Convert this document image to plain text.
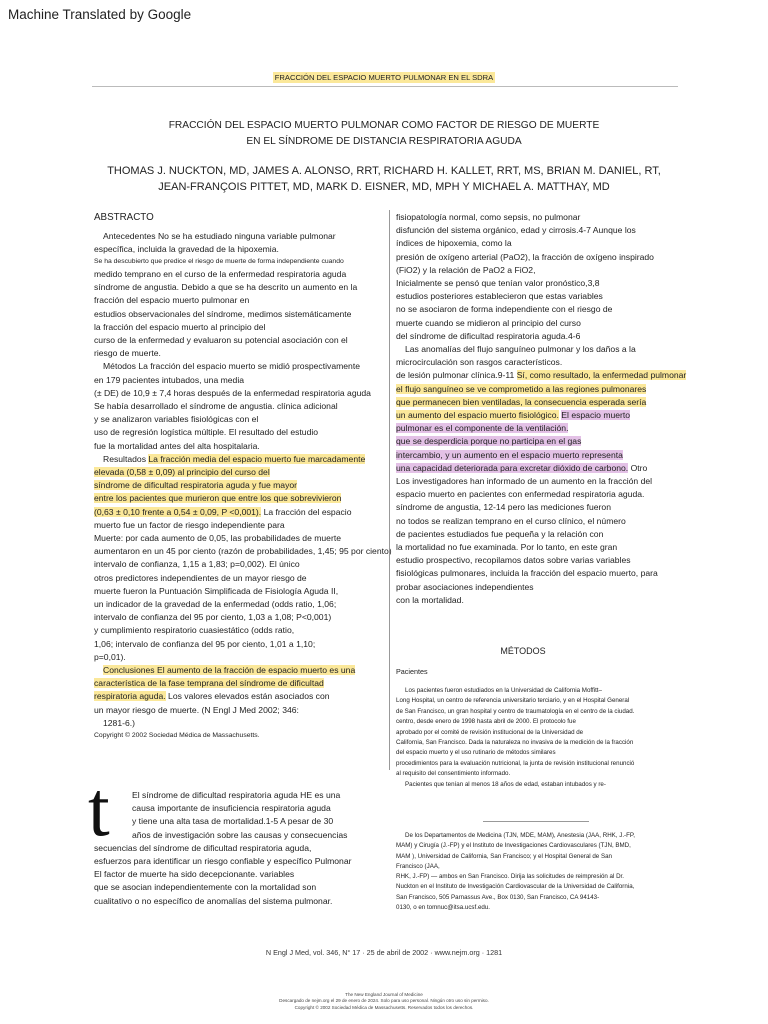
Machine Translated by Google
FRACCIÓN DEL ESPACIO MUERTO PULMONAR EN EL SDRA
FRACCIÓN DEL ESPACIO MUERTO PULMONAR COMO FACTOR DE RIESGO DE MUERTE
EN EL SÍNDROME DE DISTANCIA RESPIRATORIA AGUDA
THOMAS J. NUCKTON, MD, JAMES A. ALONSO, RRT, RICHARD H. KALLET, RRT, MS, BRIAN M. DANIEL, RT,
JEAN-FRANÇOIS PITTET, MD, MARK D. EISNER, MD, MPH Y MICHAEL A. MATTHAY, MD
ABSTRACTO
Antecedentes No se ha estudiado ninguna variable pulmonar
específica, incluida la gravedad de la hipoxemia.
Se ha descubierto que predice el riesgo de muerte de forma independiente cuando
medido temprano en el curso de la enfermedad respiratoria aguda
síndrome de angustia. Debido a que se ha descrito un aumento en la
fracción del espacio muerto pulmonar en
estudios observacionales del síndrome, medimos sistemáticamente
la fracción del espacio muerto al principio del
curso de la enfermedad y evaluaron su potencial asociación con el
riesgo de muerte.
Métodos La fracción del espacio muerto se midió prospectivamente
en 179 pacientes intubados, una media
(± DE) de 10,9 ± 7,4 horas después de la enfermedad respiratoria aguda
Se había desarrollado el síndrome de angustia. clínica adicional
y se analizaron variables fisiológicas con el
uso de regresión logística múltiple. El resultado del estudio
fue la mortalidad antes del alta hospitalaria.
Resultados La fracción media del espacio muerto fue marcadamente
elevada (0,58 ± 0,09) al principio del curso del
síndrome de dificultad respiratoria aguda y fue mayor
entre los pacientes que murieron que entre los que sobrevivieron
(0,63 ± 0,10 frente a 0,54 ± 0,09, P <0,001). La fracción del espacio
muerto fue un factor de riesgo independiente para
Muerte: por cada aumento de 0,05, las probabilidades de muerte
aumentaron en un 45 por ciento (razón de probabilidades, 1,45; 95 por ciento)
intervalo de confianza, 1,15 a 1,83; p=0,002). El único
otros predictores independientes de un mayor riesgo de
muerte fueron la Puntuación Simplificada de Fisiología Aguda II,
un indicador de la gravedad de la enfermedad (odds ratio, 1,06;
intervalo de confianza del 95 por ciento, 1,03 a 1,08; P<0,001)
y cumplimiento respiratorio cuasiestático (odds ratio,
1,06; intervalo de confianza del 95 por ciento, 1,01 a 1,10;
p=0,01).
Conclusiones El aumento de la fracción de espacio muerto es una
característica de la fase temprana del síndrome de dificultad
respiratoria aguda. Los valores elevados están asociados con
un mayor riesgo de muerte. (N Engl J Med 2002; 346:
1281-6.)
Copyright © 2002 Sociedad Médica de Massachusetts.
t	El síndrome de dificultad respiratoria aguda HE es una
causa importante de insuficiencia respiratoria aguda
y tiene una alta tasa de mortalidad.1-5 A pesar de 30
años de investigación sobre las causas y consecuencias
secuencias del síndrome de dificultad respiratoria aguda,
esfuerzos para identificar un riesgo confiable y específico Pulmonar
El factor de muerte ha sido decepcionante. variables
que se asocian independientemente con la mortalidad son
cualitativo o no específico de anomalías del sistema pulmonar.
fisiopatología normal, como sepsis, no pulmonar
disfunción del sistema orgánico, edad y cirrosis.4-7 Aunque los
índices de hipoxemia, como la
presión de oxígeno arterial (PaO2), la fracción de oxígeno inspirado
(FiO2) y la relación de PaO2 a FiO2,
Inicialmente se pensó que tenían valor pronóstico,3,8
estudios posteriores establecieron que estas variables
no se asociaron de forma independiente con el riesgo de
muerte cuando se midieron al principio del curso
del síndrome de dificultad respiratoria aguda.4-6
Las anomalías del flujo sanguíneo pulmonar y los daños a la
microcirculación son rasgos característicos.
de lesión pulmonar clínica.9-11 Sí, como resultado, la enfermedad pulmonar
el flujo sanguíneo se ve comprometido a las regiones pulmonares
que permanecen bien ventiladas, la consecuencia esperada sería
un aumento del espacio muerto fisiológico. El espacio muerto
pulmonar es el componente de la ventilación.
que se desperdicia porque no participa en el gas
intercambio, y un aumento en el espacio muerto representa
una capacidad deteriorada para excretar dióxido de carbono. Otro
Los investigadores han informado de un aumento en la fracción del
espacio muerto en pacientes con enfermedad respiratoria aguda.
síndrome de angustia, 12-14 pero las mediciones fueron
no todos se realizan temprano en el curso clínico, el número
de pacientes estudiados fue pequeña y la relación con
la mortalidad no fue examinada. Por lo tanto, en este gran
estudio prospectivo, recopilamos datos sobre varias variables
fisiológicas pulmonares, incluida la fracción del espacio muerto, para
probar asociaciones independientes
con la mortalidad.
MÉTODOS
Pacientes
Los pacientes fueron estudiados en la Universidad de California Moffitt–
Long Hospital, un centro de referencia universitario terciario, y en el Hospital General
de San Francisco, un gran hospital y centro de traumatología en el centro de la ciudad.
centro, desde enero de 1998 hasta abril de 2000. El protocolo fue
aprobado por el comité de revisión institucional de la Universidad de
California, San Francisco. Dada la naturaleza no invasiva de la medición de la fracción
del espacio muerto y el uso rutinario de métodos similares
procedimientos para la evaluación nutricional, la junta de revisión institucional renunció
al requisito del consentimiento informado.
Pacientes que tenían al menos 18 años de edad, estaban intubados y re-
De los Departamentos de Medicina (TJN, MDE, MAM), Anestesia (JAA, RHK, J.-FP,
MAM) y Cirugía (J.-FP) y el Instituto de Investigaciones Cardiovasculares (TJN, BMD,
MAM ), Universidad de California, San Francisco; y el Hospital General de San
Francisco (JAA,
RHK, J.-FP) — ambos en San Francisco. Dirija las solicitudes de reimpresión al Dr.
Nuckton en el Instituto de Investigación Cardiovascular de la Universidad de California,
San Francisco, 505 Parnassus Ave., Box 0130, San Francisco, CA 94143-
0130, o en tomnuc@itsa.ucsf.edu.
N Engl J Med, vol. 346, N° 17 · 25 de abril de 2002 · www.nejm.org · 1281
The New England Journal of Medicine
Descargado de nejm.org el 29 de enero de 2024. Solo para uso personal. Ningún otro uso sin permiso.
Copyright © 2002 Sociedad Médica de Massachusetts. Reservados todos los derechos.
